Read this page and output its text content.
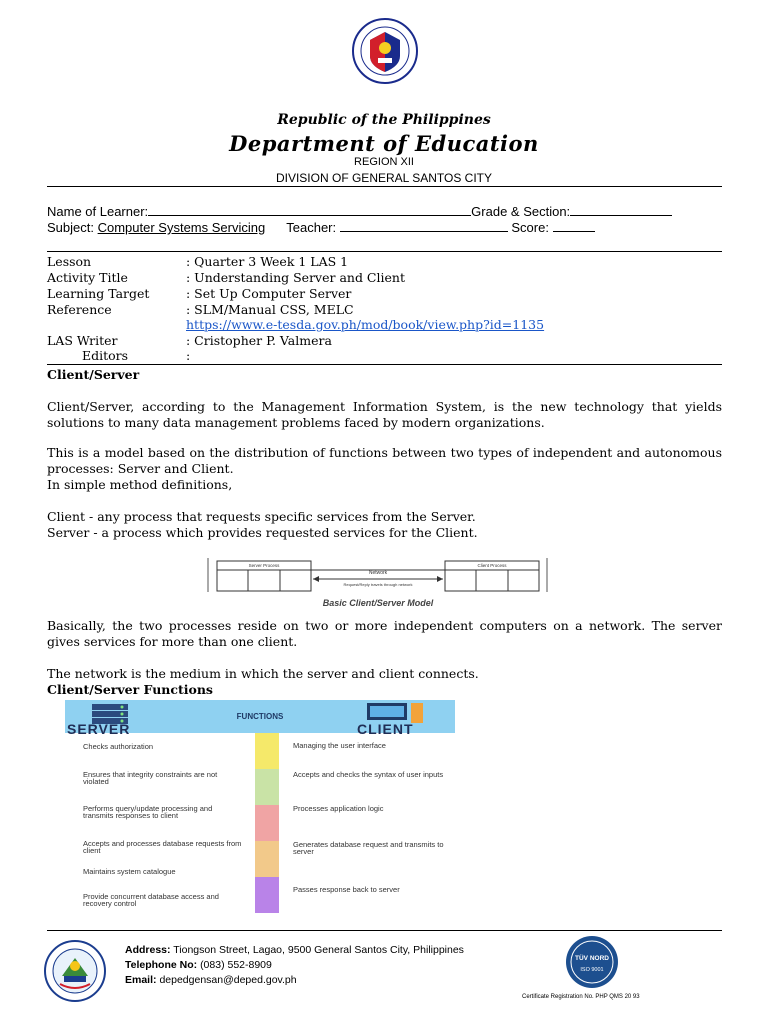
Republic of the Philippines
Department of Education
REGION XII
DIVISION OF GENERAL SANTOS CITY
Name of Learner:	Grade & Section:
Subject: Computer Systems Servicing Teacher:	Score:
Lesson	: Quarter 3 Week 1 LAS 1
Activity Title	: Understanding Server and Client
Learning Target	: Set Up Computer Server
Reference	: SLM/Manual CSS, MELC
https://www.e-tesda.gov.ph/mod/book/view.php?id=1135
LAS Writer	: Cristopher P. Valmera
Editors	:
Client/Server
Client/Server, according to the Management Information System, is the new technology that yields solutions to many data management problems faced by modern organizations.
This is a model based on the distribution of functions between two types of independent and autonomous processes: Server and Client.
In simple method definitions,
Client - any process that requests specific services from the Server.
Server - a process which provides requested services for the Client.
Server Process	Client Process
Network
Request/Reply travels through network
Basic Client/Server Model
Basically, the two processes reside on two or more independent computers on a network. The server gives services for more than one client.
The network is the medium in which the server and client connects.
Client/Server Functions
FUNCTIONS
SERVER	CLIENT
Checks authorization
Ensures that integrity constraints are not violated
Performs query/update processing and transmits responses to client
Accepts and processes database requests from client
Maintains system catalogue
Provide concurrent database access and recovery control
Managing the user interface
Accepts and checks the syntax of user inputs
Processes application logic
Generates database request and transmits to server
Passes response back to server
Address: Tiongson Street, Lagao, 9500 General Santos City, Philippines
Telephone No: (083) 552-8909
Email: depedgensan@deped.gov.ph
TÜV NORD
ISO 9001
Certificate Registration No. PHP QMS 20 93
